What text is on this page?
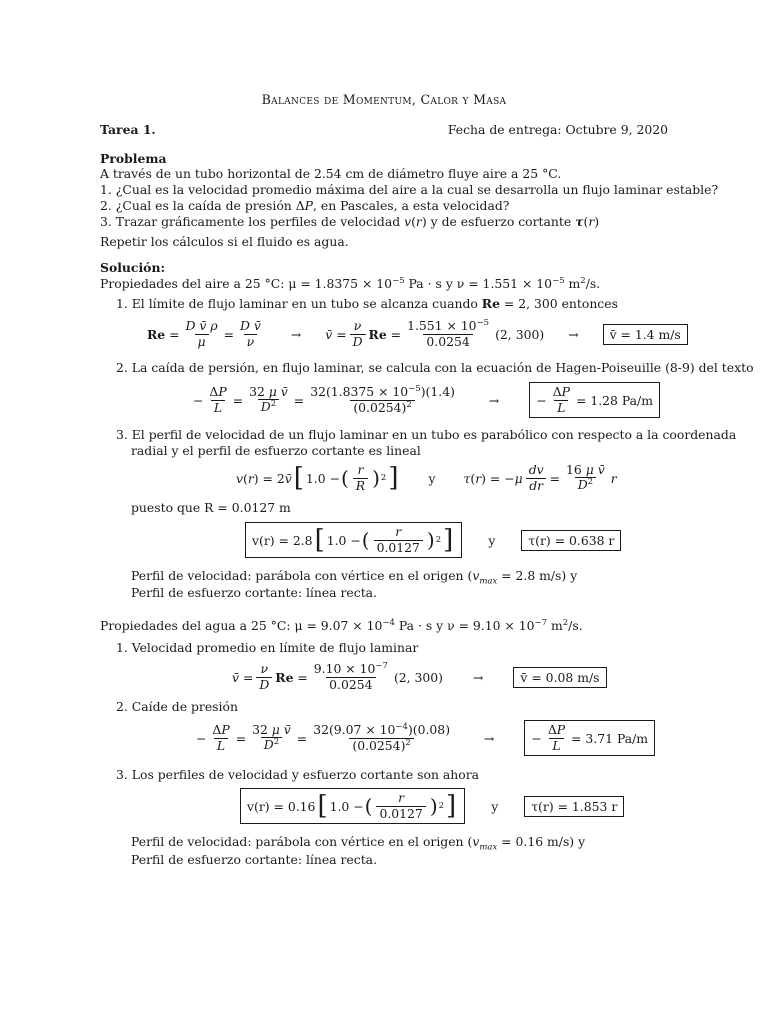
Balances de Momentum, Calor y Masa
Tarea 1.	Fecha de entrega: Octubre 9, 2020
Problema
A través de un tubo horizontal de 2.54 cm de diámetro fluye aire a 25 °C.
1. ¿Cual es la velocidad promedio máxima del aire a la cual se desarrolla un flujo laminar estable?
2. ¿Cual es la caída de presión ΔP, en Pascales, a esta velocidad?
3. Trazar gráficamente los perfiles de velocidad v(r) y de esfuerzo cortante τ(r)
Repetir los cálculos si el fluido es agua.
Solución:
Propiedades del aire a 25 °C: $\mu = 1.8375 \times 10^{-5}$ Pa · s y $\nu = 1.551 \times 10^{-5}$ $m^2/s$.
1. El límite de flujo laminar en un tubo se alcanza cuando Re = 2, 300 entonces
$Re = \frac{\text{D v̄ ρ}}{\mu} = \frac{\text{D v̄}}{\nu}$ → v̄ = $\frac{\nu}{D}$ $Re = \frac{1.551 \times 10^{-5}}{0.0254} (2$, 300) →	v̄ = 1.4 m/s
2. La caída de persión, en flujo laminar, se calcula con la ecuación de Hagen-Poiseuille (8-9) del texto
− $\frac{\Delta P}{L} = \frac{\text{32 μ v̄}}{D^2} = \frac{32(1.8375 \times 10^{-5})(1.4)}{(0.0254)^2}$	→	− $\frac{\Delta P}{L} = 1.28$ Pa/m
3. El perfil de velocidad de un flujo laminar en un tubo es parabólico con respecto a la coordenada
radial y el perfil de esfuerzo cortante es lineal
v ( r ) = 2 v̄ [ 1.0 − ( $\frac{r}{R}$ ) 2 ] y τ ( r ) = − μ $\frac{dv}{dr} = \frac{\text{16 μ v̄}}{D^2}$ r
puesto que R = 0.0127 m
v(r) = 2.8 [ 1.0 − ( $\frac{r}{0.0127}$ ) 2 ]	y	τ(r) = 0.638 r
Perfil de velocidad: parábola con vértice en el origen ($v_{max} = 2.8$ m/s) y
Perfil de esfuerzo cortante: línea recta.
Propiedades del agua a 25 °C: $\mu = 9.07 \times 10^{-4}$ Pa · s y $\nu = 9.10 \times 10^{-7}$ $m^2/s$.
1. Velocidad promedio en límite de flujo laminar
v̄ = $\frac{\nu}{D}$ $Re = \frac{9.10 \times 10^{-7}}{0.0254} (2$, 300) →	v̄ = 0.08 m/s
2. Caíde de presión
− $\frac{\Delta P}{L} = \frac{\text{32 μ v̄}}{D^2} = \frac{32(9.07 \times 10^{-4})(0.08)}{(0.0254)^2}$	→	− $\frac{\Delta P}{L} = 3.71$ Pa/m
3. Los perfiles de velocidad y esfuerzo cortante son ahora
v(r) = 0.16 [ 1.0 − ( $\frac{r}{0.0127}$ ) 2 ]	y	τ(r) = 1.853 r
Perfil de velocidad: parábola con vértice en el origen ($v_{max} = 0.16$ m/s) y
Perfil de esfuerzo cortante: línea recta.
